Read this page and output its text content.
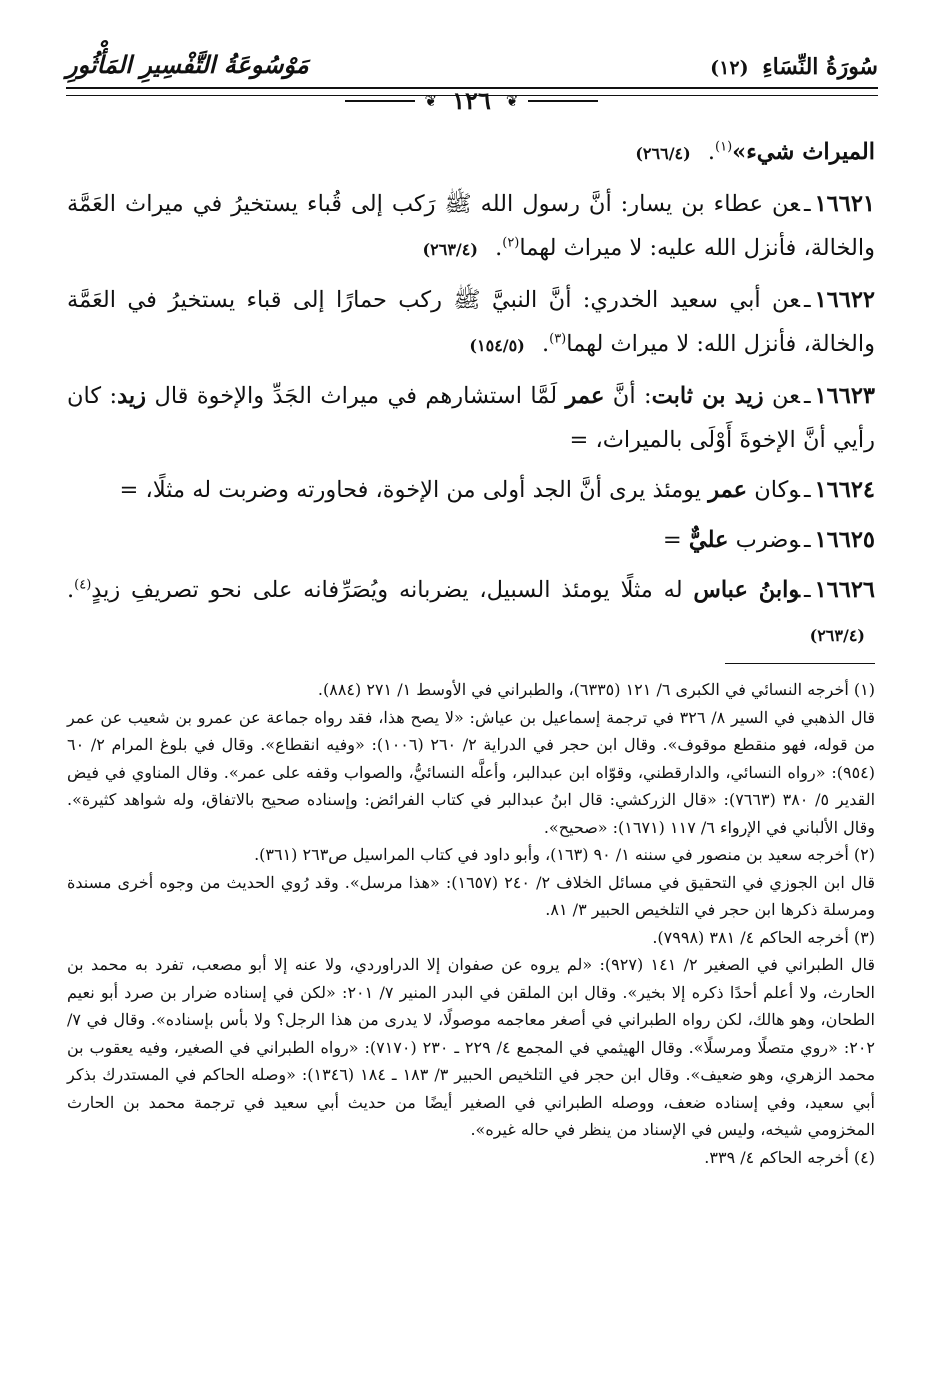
سُورَةُ النِّسَاءِ (١٢)
مَوْسُوعَةُ التَّفْسِيرِ المَأْثُورِ
❦ ١٢٦ ❦

الميراث شيء»$^{(١)}$. (٢٦٦/٤)

١٦٦٢١ـعن عطاء بن يسار: أنَّ رسول الله ﷺ رَكب إلى قُباء يستخيرُ في ميراث العَمَّة والخالة، فأنزل الله عليه: لا ميراث لهما$^{(٢)}$. (٢٦٣/٤)

١٦٦٢٢ـعن أبي سعيد الخدري: أنَّ النبيَّ ﷺ ركب حمارًا إلى قباء يستخيرُ في العَمَّة والخالة، فأنزل الله: لا ميراث لهما$^{(٣)}$. (١٥٤/٥)

١٦٦٢٣ـعن زيد بن ثابت: أنَّ عمر لَمَّا استشارهم في ميراث الجَدِّ والإخوة قال زيد: كان رأيي أنَّ الإخوةَ أَوْلَى بالميراث، =

١٦٦٢٤ـوكان عمر يومئذ يرى أنَّ الجد أولى من الإخوة، فحاورته وضربت له مثلًا، =

١٦٦٢٥ـوضرب عليٌّ =

١٦٦٢٦ـوابنُ عباس له مثلًا يومئذ السبيل، يضربانه ويُصَرِّفانه على نحو تصريفِ زيدٍ$^{(٤)}$. (٢٦٣/٤)

(١) أخرجه النسائي في الكبرى ٦/ ١٢١ (٦٣٣٥)، والطبراني في الأوسط ١/ ٢٧١ (٨٨٤).

قال الذهبي في السير ٨/ ٣٢٦ في ترجمة إسماعيل بن عياش: «لا يصح هذا، فقد رواه جماعة عن عمرو بن شعيب عن عمر من قوله، فهو منقطع موقوف». وقال ابن حجر في الدراية ٢/ ٢٦٠ (١٠٠٦): «وفيه انقطاع». وقال في بلوغ المرام ٢/ ٦٠ (٩٥٤): «رواه النسائي، والدارقطني، وقوّاه ابن عبدالبر، وأعلَّه النسائيُّ، والصواب وقفه على عمر». وقال المناوي في فيض القدير ٥/ ٣٨٠ (٧٦٦٣): «قال الزركشي: قال ابنُ عبدالبر في كتاب الفرائض: وإسناده صحيح بالاتفاق، وله شواهد كثيرة». وقال الألباني في الإرواء ٦/ ١١٧ (١٦٧١): «صحيح».

(٢) أخرجه سعيد بن منصور في سننه ١/ ٩٠ (١٦٣)، وأبو داود في كتاب المراسيل ص٢٦٣ (٣٦١).

قال ابن الجوزي في التحقيق في مسائل الخلاف ٢/ ٢٤٠ (١٦٥٧): «هذا مرسل». وقد رُوي الحديث من وجوه أخرى مسندة ومرسلة ذكرها ابن حجر في التلخيص الحبير ٣/ ٨١.

(٣) أخرجه الحاكم ٤/ ٣٨١ (٧٩٩٨).

قال الطبراني في الصغير ٢/ ١٤١ (٩٢٧): «لم يروه عن صفوان إلا الدراوردي، ولا عنه إلا أبو مصعب، تفرد به محمد بن الحارث، ولا أعلم أحدًا ذكره إلا بخير». وقال ابن الملقن في البدر المنير ٧/ ٢٠١: «لكن في إسناده ضرار بن صرد أبو نعيم الطحان، وهو هالك، لكن رواه الطبراني في أصغر معاجمه موصولًا، لا يدرى من هذا الرجل؟ ولا بأس بإسناده». وقال في ٧/ ٢٠٢: «روي متصلًا ومرسلًا». وقال الهيثمي في المجمع ٤/ ٢٢٩ ـ ٢٣٠ (٧١٧٠): «رواه الطبراني في الصغير، وفيه يعقوب بن محمد الزهري، وهو ضعيف». وقال ابن حجر في التلخيص الحبير ٣/ ١٨٣ ـ ١٨٤ (١٣٤٦): «وصله الحاكم في المستدرك بذكر أبي سعيد، وفي إسناده ضعف، ووصله الطبراني في الصغير أيضًا من حديث أبي سعيد في ترجمة محمد بن الحارث المخزومي شيخه، وليس في الإسناد من ينظر في حاله غيره».

(٤) أخرجه الحاكم ٤/ ٣٣٩.
